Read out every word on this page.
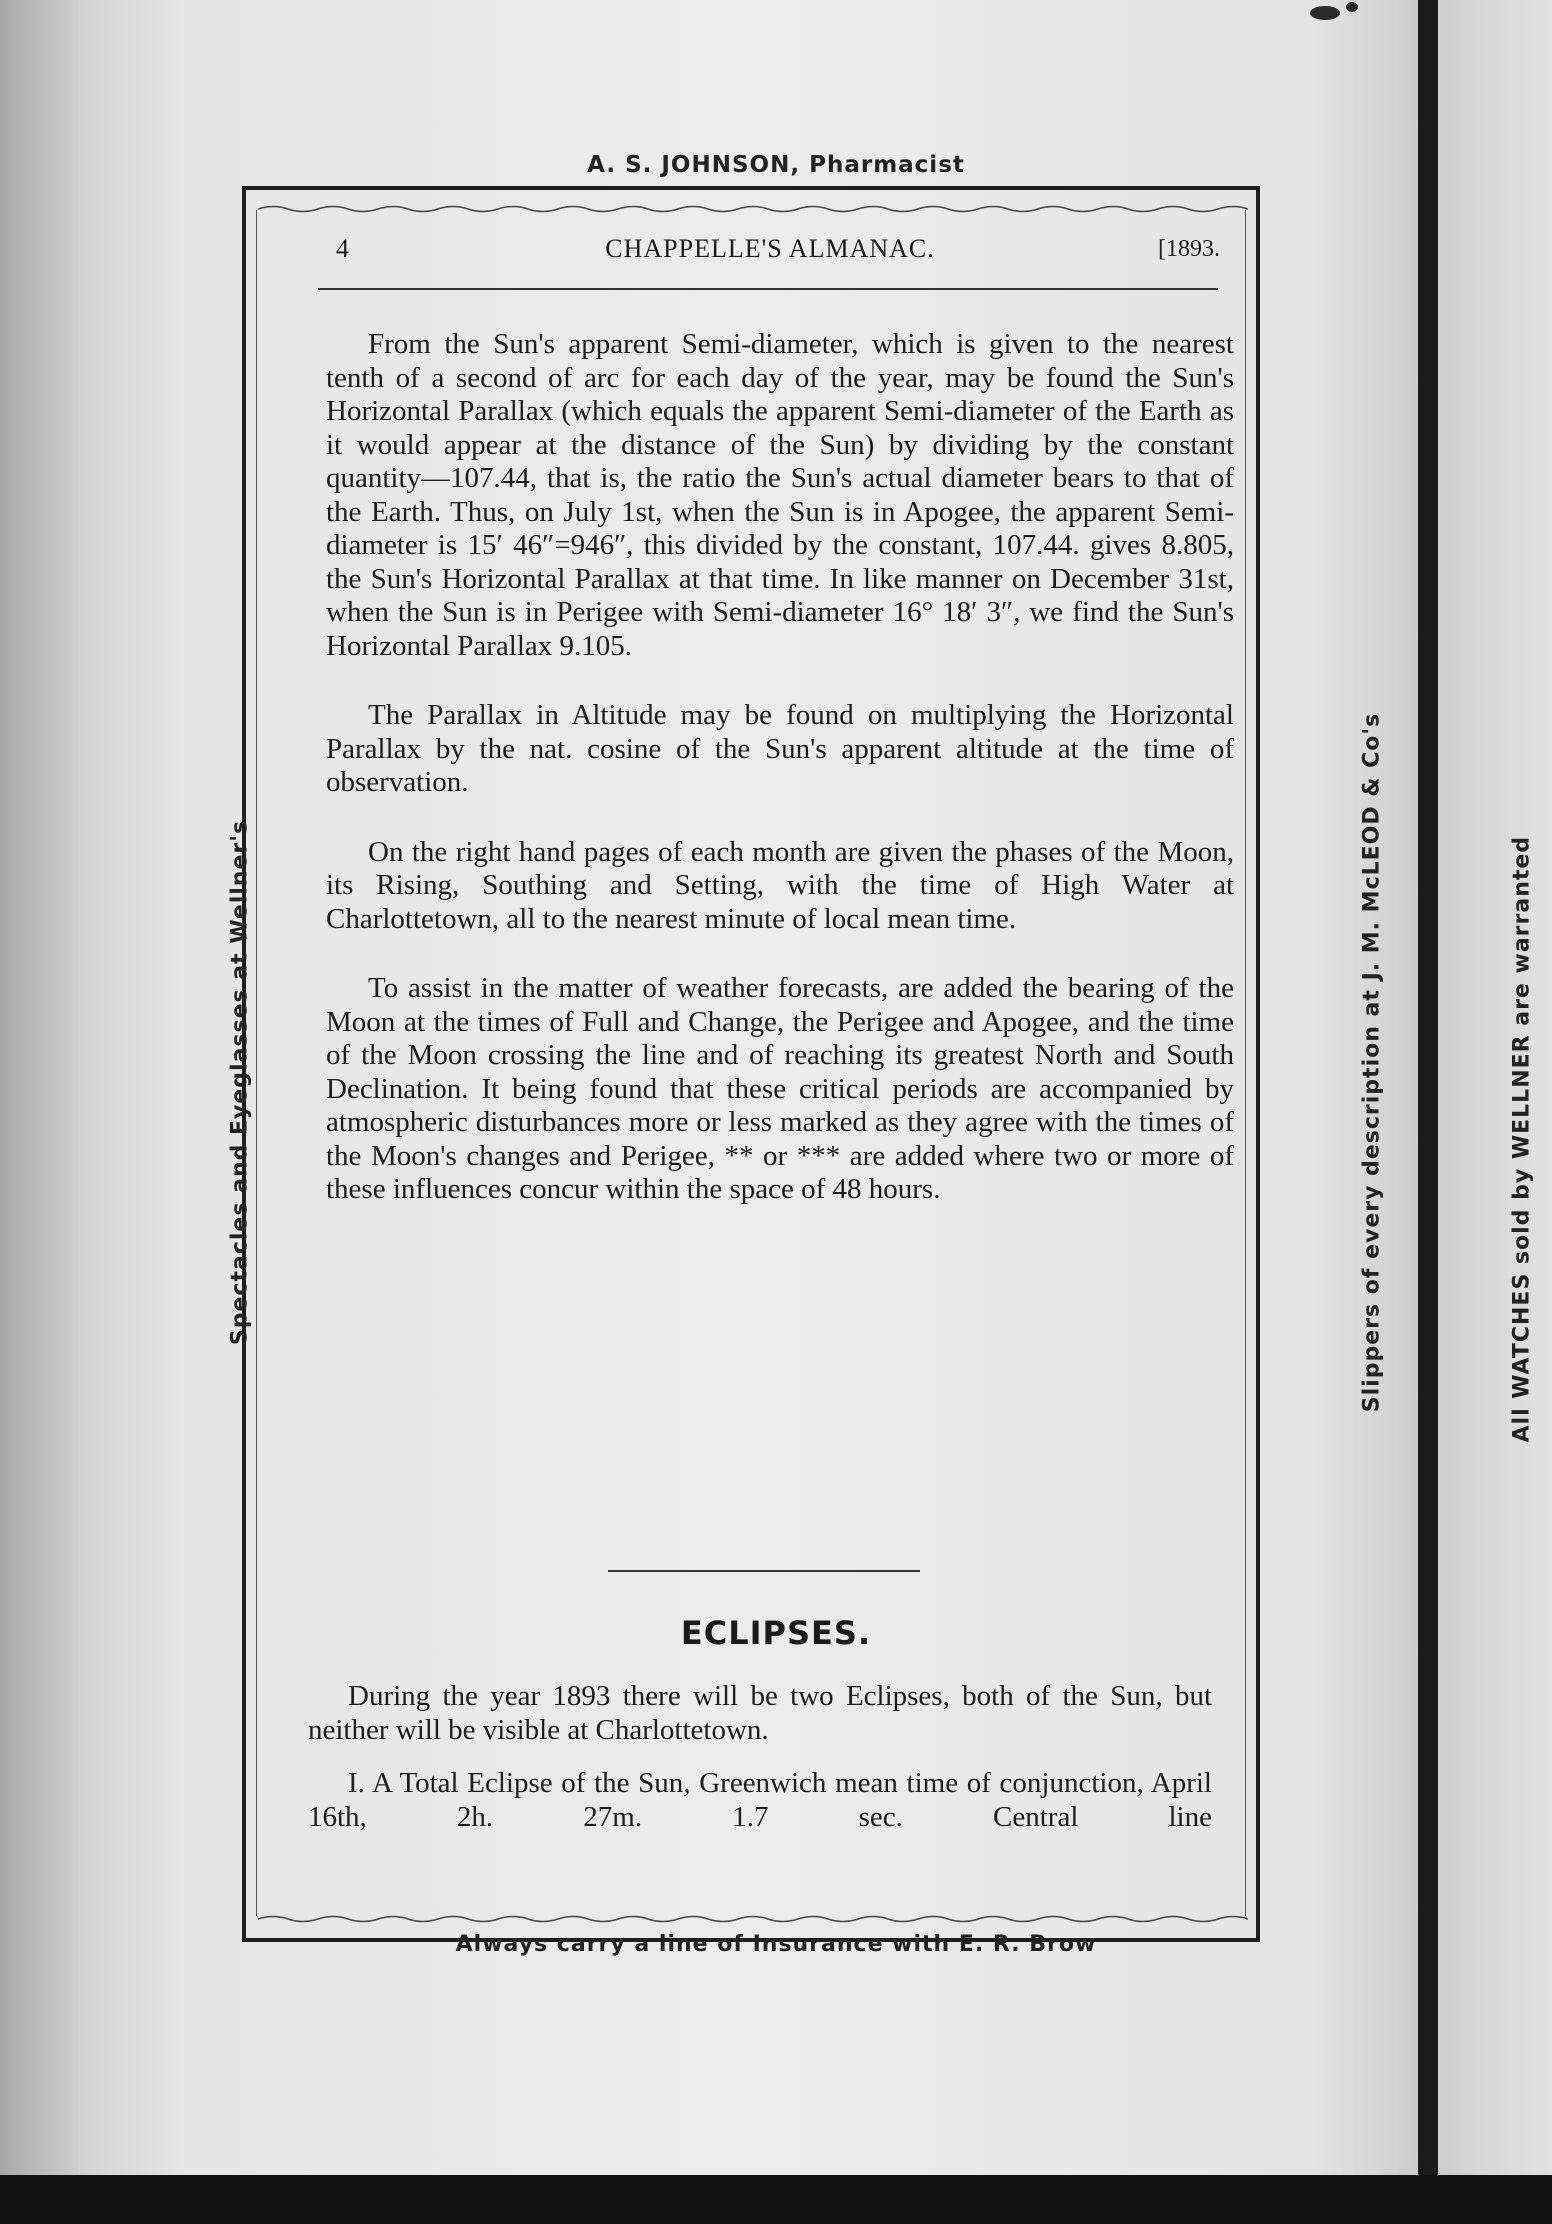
A. S. JOHNSON, Pharmacist
4	CHAPPELLE'S ALMANAC.	[1893.

From the Sun's apparent Semi-diameter, which is given to the nearest tenth of a second of arc for each day of the year, may be found the Sun's Horizontal Parallax (which equals the apparent Semi-diameter of the Earth as it would appear at the distance of the Sun) by dividing by the constant quantity—107.44, that is, the ratio the Sun's actual diameter bears to that of the Earth. Thus, on July 1st, when the Sun is in Apogee, the apparent Semi-diameter is 15′ 46″=946″, this divided by the constant, 107.44. gives 8.805, the Sun's Horizontal Parallax at that time. In like manner on December 31st, when the Sun is in Perigee with Semi-diameter 16° 18′ 3″, we find the Sun's Horizontal Parallax 9.105.

The Parallax in Altitude may be found on multiplying the Horizontal Parallax by the nat. cosine of the Sun's apparent altitude at the time of observation.

On the right hand pages of each month are given the phases of the Moon, its Rising, Southing and Setting, with the time of High Water at Charlottetown, all to the nearest minute of local mean time.

To assist in the matter of weather forecasts, are added the bearing of the Moon at the times of Full and Change, the Perigee and Apogee, and the time of the Moon crossing the line and of reaching its greatest North and South Declination. It being found that these critical periods are accompanied by atmospheric disturbances more or less marked as they agree with the times of the Moon's changes and Perigee, ** or *** are added where two or more of these influences concur within the space of 48 hours.

ECLIPSES.

During the year 1893 there will be two Eclipses, both of the Sun, but neither will be visible at Charlottetown.

I. A Total Eclipse of the Sun, Greenwich mean time of conjunction, April 16th, 2h. 27m. 1.7 sec. Central line

Always carry a line of Insurance with E. R. Brow
Spectacles and Eyeglasses at Wellner's	Slippers of every description at J. M. McLEOD & Co's	All WATCHES sold by WELLNER are warranted
